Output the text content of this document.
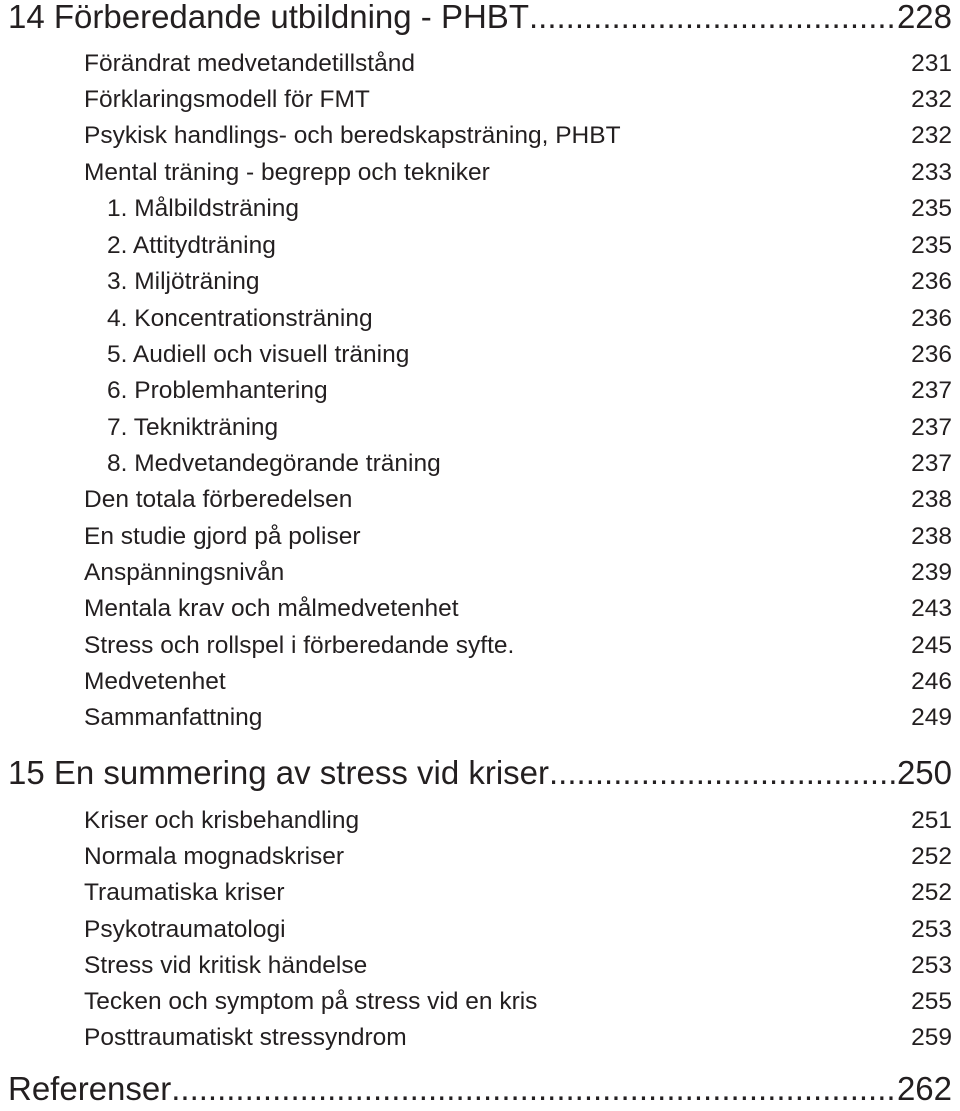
14 Förberedande utbildning - PHBT .....	228
Förändrat medvetandetillstånd	231
Förklaringsmodell för FMT	232
Psykisk handlings- och beredskapsträning, PHBT	232
Mental träning - begrepp och tekniker	233
1. Målbildsträning	235
2. Attitydträning	235
3. Miljöträning	236
4. Koncentrationsträning	236
5. Audiell och visuell träning	236
6. Problemhantering	237
7. Teknikträning	237
8. Medvetandegörande träning	237
Den totala förberedelsen	238
En studie gjord på poliser	238
Anspänningsnivån	239
Mentala krav och målmedvetenhet	243
Stress och rollspel i förberedande syfte.	245
Medvetenhet	246
Sammanfattning	249
15 En summering av stress vid kriser .....	250
Kriser och krisbehandling	251
Normala mognadskriser	252
Traumatiska kriser	252
Psykotraumatologi	253
Stress vid kritisk händelse	253
Tecken och symptom på stress vid en kris	255
Posttraumatiskt stressyndrom	259
Referenser .....	262
